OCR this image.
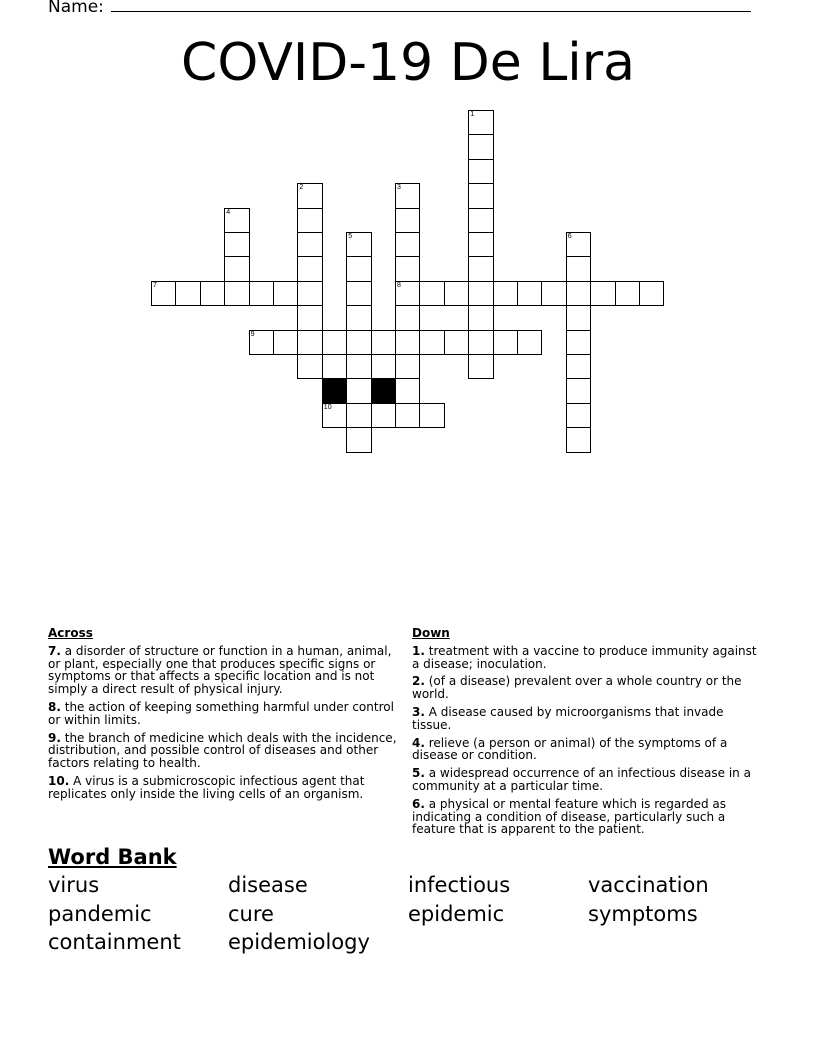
Name:
COVID-19 De Lira
1
2	3
8
4
5	6
7
9
10
Across
7. a disorder of structure or function in a human, animal, or plant, especially one that produces specific signs or symptoms or that affects a specific location and is not simply a direct result of physical injury.
8. the action of keeping something harmful under control or within limits.
9. the branch of medicine which deals with the incidence, distribution, and possible control of diseases and other factors relating to health.
10. A virus is a submicroscopic infectious agent that replicates only inside the living cells of an organism.
Down
1. treatment with a vaccine to produce immunity against a disease; inoculation.
2. (of a disease) prevalent over a whole country or the world.
3. A disease caused by microorganisms that invade tissue.
4. relieve (a person or animal) of the symptoms of a disease or condition.
5. a widespread occurrence of an infectious disease in a community at a particular time.
6. a physical or mental feature which is regarded as indicating a condition of disease, particularly such a feature that is apparent to the patient.
Word Bank
virus	disease	infectious	vaccination
pandemic	cure	epidemic	symptoms
containment epidemiology
